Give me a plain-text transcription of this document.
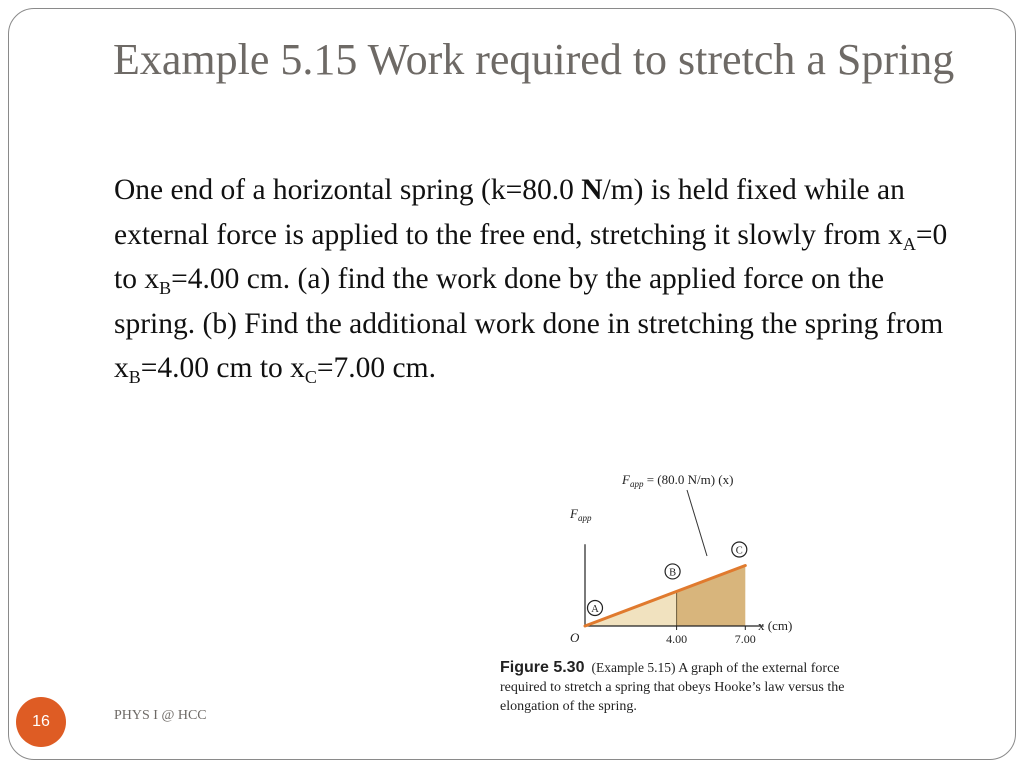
Example 5.15 Work required to stretch a Spring

One end of a horizontal spring (k=80.0 N/m) is held fixed while an external force is applied to the free end, stretching it slowly from $x_A=0$ to $x_B=4.00$ cm. (a) find the work done by the applied force on the spring. (b) Find the additional work done in stretching the spring from $x_B=4.00$ cm to $x_C=7.00$ cm.

$F_{app} = (80.0$ N/m) (x)
$F_{app}$
4.00	7.00
A
B
C
O
x (cm)
Figure 5.30 (Example 5.15) A graph of the external force required to stretch a spring that obeys Hooke’s law versus the elongation of the spring.
16	PHYS I @ HCC
